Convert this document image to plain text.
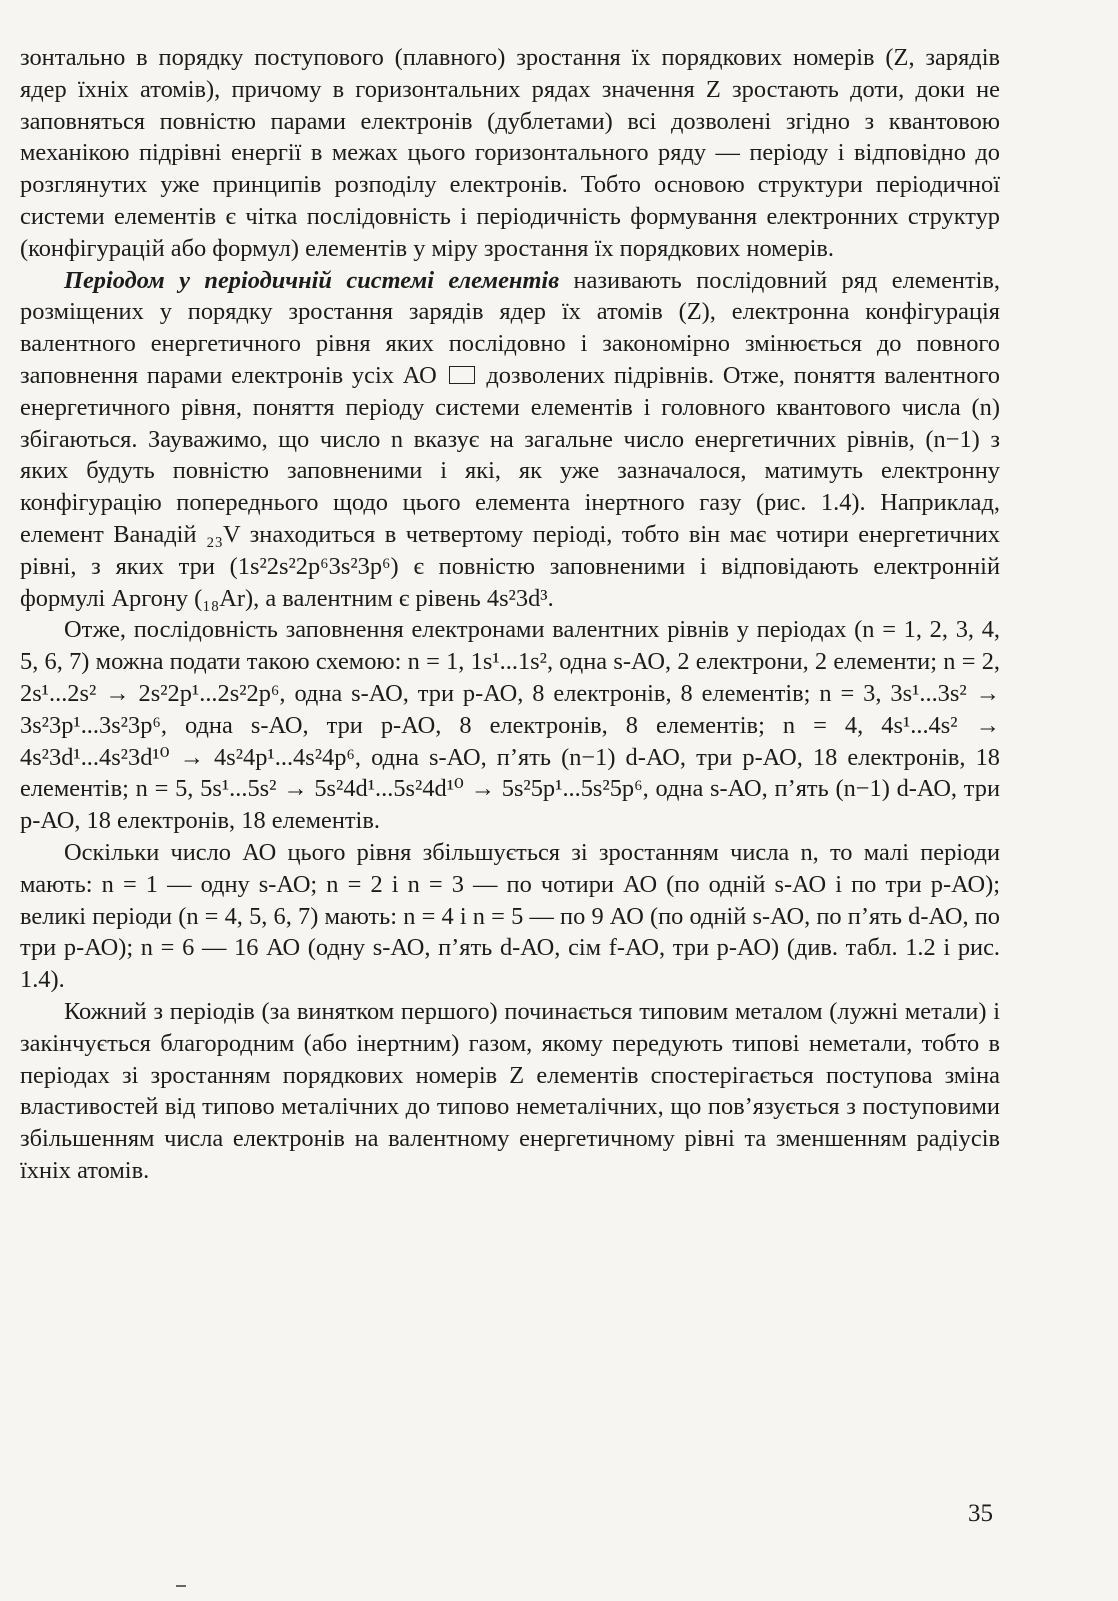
зонтально в порядку поступового (плавного) зростання їх порядкових номерів (Z, зарядів ядер їхніх атомів), причому в горизонтальних рядах значення Z зростають доти, доки не заповняться повністю парами електронів (дублетами) всі дозволені згідно з квантовою механікою підрівні енергії в межах цього горизонтального ряду — періоду і відповідно до розглянутих уже принципів розподілу електронів. Тобто основою структури періодичної системи елементів є чітка послідовність і періодичність формування електронних структур (конфігурацій або формул) елементів у міру зростання їх порядкових номерів.

Періодом у періодичній системі елементів називають послідовний ряд елементів, розміщених у порядку зростання зарядів ядер їх атомів (Z), електронна конфігурація валентного енергетичного рівня яких послідовно і закономірно змінюється до повного заповнення парами електронів усіх АО  дозволених підрівнів. Отже, поняття валентного енергетичного рівня, поняття періоду системи елементів і головного квантового числа (n) збігаються. Зауважимо, що число n вказує на загальне число енергетичних рівнів, (n−1) з яких будуть повністю заповненими і які, як уже зазначалося, матимуть електронну конфігурацію попереднього щодо цього елемента інертного газу (рис. 1.4). Наприклад, елемент Ванадій ₂₃V знаходиться в четвертому періоді, тобто він має чотири енергетичних рівні, з яких три (1s²2s²2p⁶3s²3p⁶) є повністю заповненими і відповідають електронній формулі Аргону (₁₈Ar), а валентним є рівень 4s²3d³.

Отже, послідовність заповнення електронами валентних рівнів у періодах (n = 1, 2, 3, 4, 5, 6, 7) можна подати такою схемою: n = 1, 1s¹...1s², одна s-АО, 2 електрони, 2 елементи; n = 2, 2s¹...2s² → 2s²2p¹...2s²2p⁶, одна s-АО, три p-АО, 8 електронів, 8 елементів; n = 3, 3s¹...3s² → 3s²3p¹...3s²3p⁶, одна s-АО, три p-АО, 8 електронів, 8 елементів; n = 4, 4s¹...4s² → 4s²3d¹...4s²3d¹⁰ → 4s²4p¹...4s²4p⁶, одна s-АО, п’ять (n−1) d-АО, три p-АО, 18 електронів, 18 елементів; n = 5, 5s¹...5s² → 5s²4d¹...5s²4d¹⁰ → 5s²5p¹...5s²5p⁶, одна s-АО, п’ять (n−1) d-АО, три p-АО, 18 електронів, 18 елементів.

Оскільки число АО цього рівня збільшується зі зростанням числа n, то малі періоди мають: n = 1 — одну s-АО; n = 2 і n = 3 — по чотири АО (по одній s-АО і по три p-АО); великі періоди (n = 4, 5, 6, 7) мають: n = 4 і n = 5 — по 9 АО (по одній s-АО, по п’ять d-АО, по три p-АО); n = 6 — 16 АО (одну s-АО, п’ять d-АО, сім f-АО, три p-АО) (див. табл. 1.2 і рис. 1.4).

Кожний з періодів (за винятком першого) починається типовим металом (лужні метали) і закінчується благородним (або інертним) газом, якому передують типові неметали, тобто в періодах зі зростанням порядкових номерів Z елементів спостерігається поступова зміна властивостей від типово металічних до типово неметалічних, що пов’язується з поступовими збільшенням числа електронів на валентному енергетичному рівні та зменшенням радіусів їхніх атомів.

35
